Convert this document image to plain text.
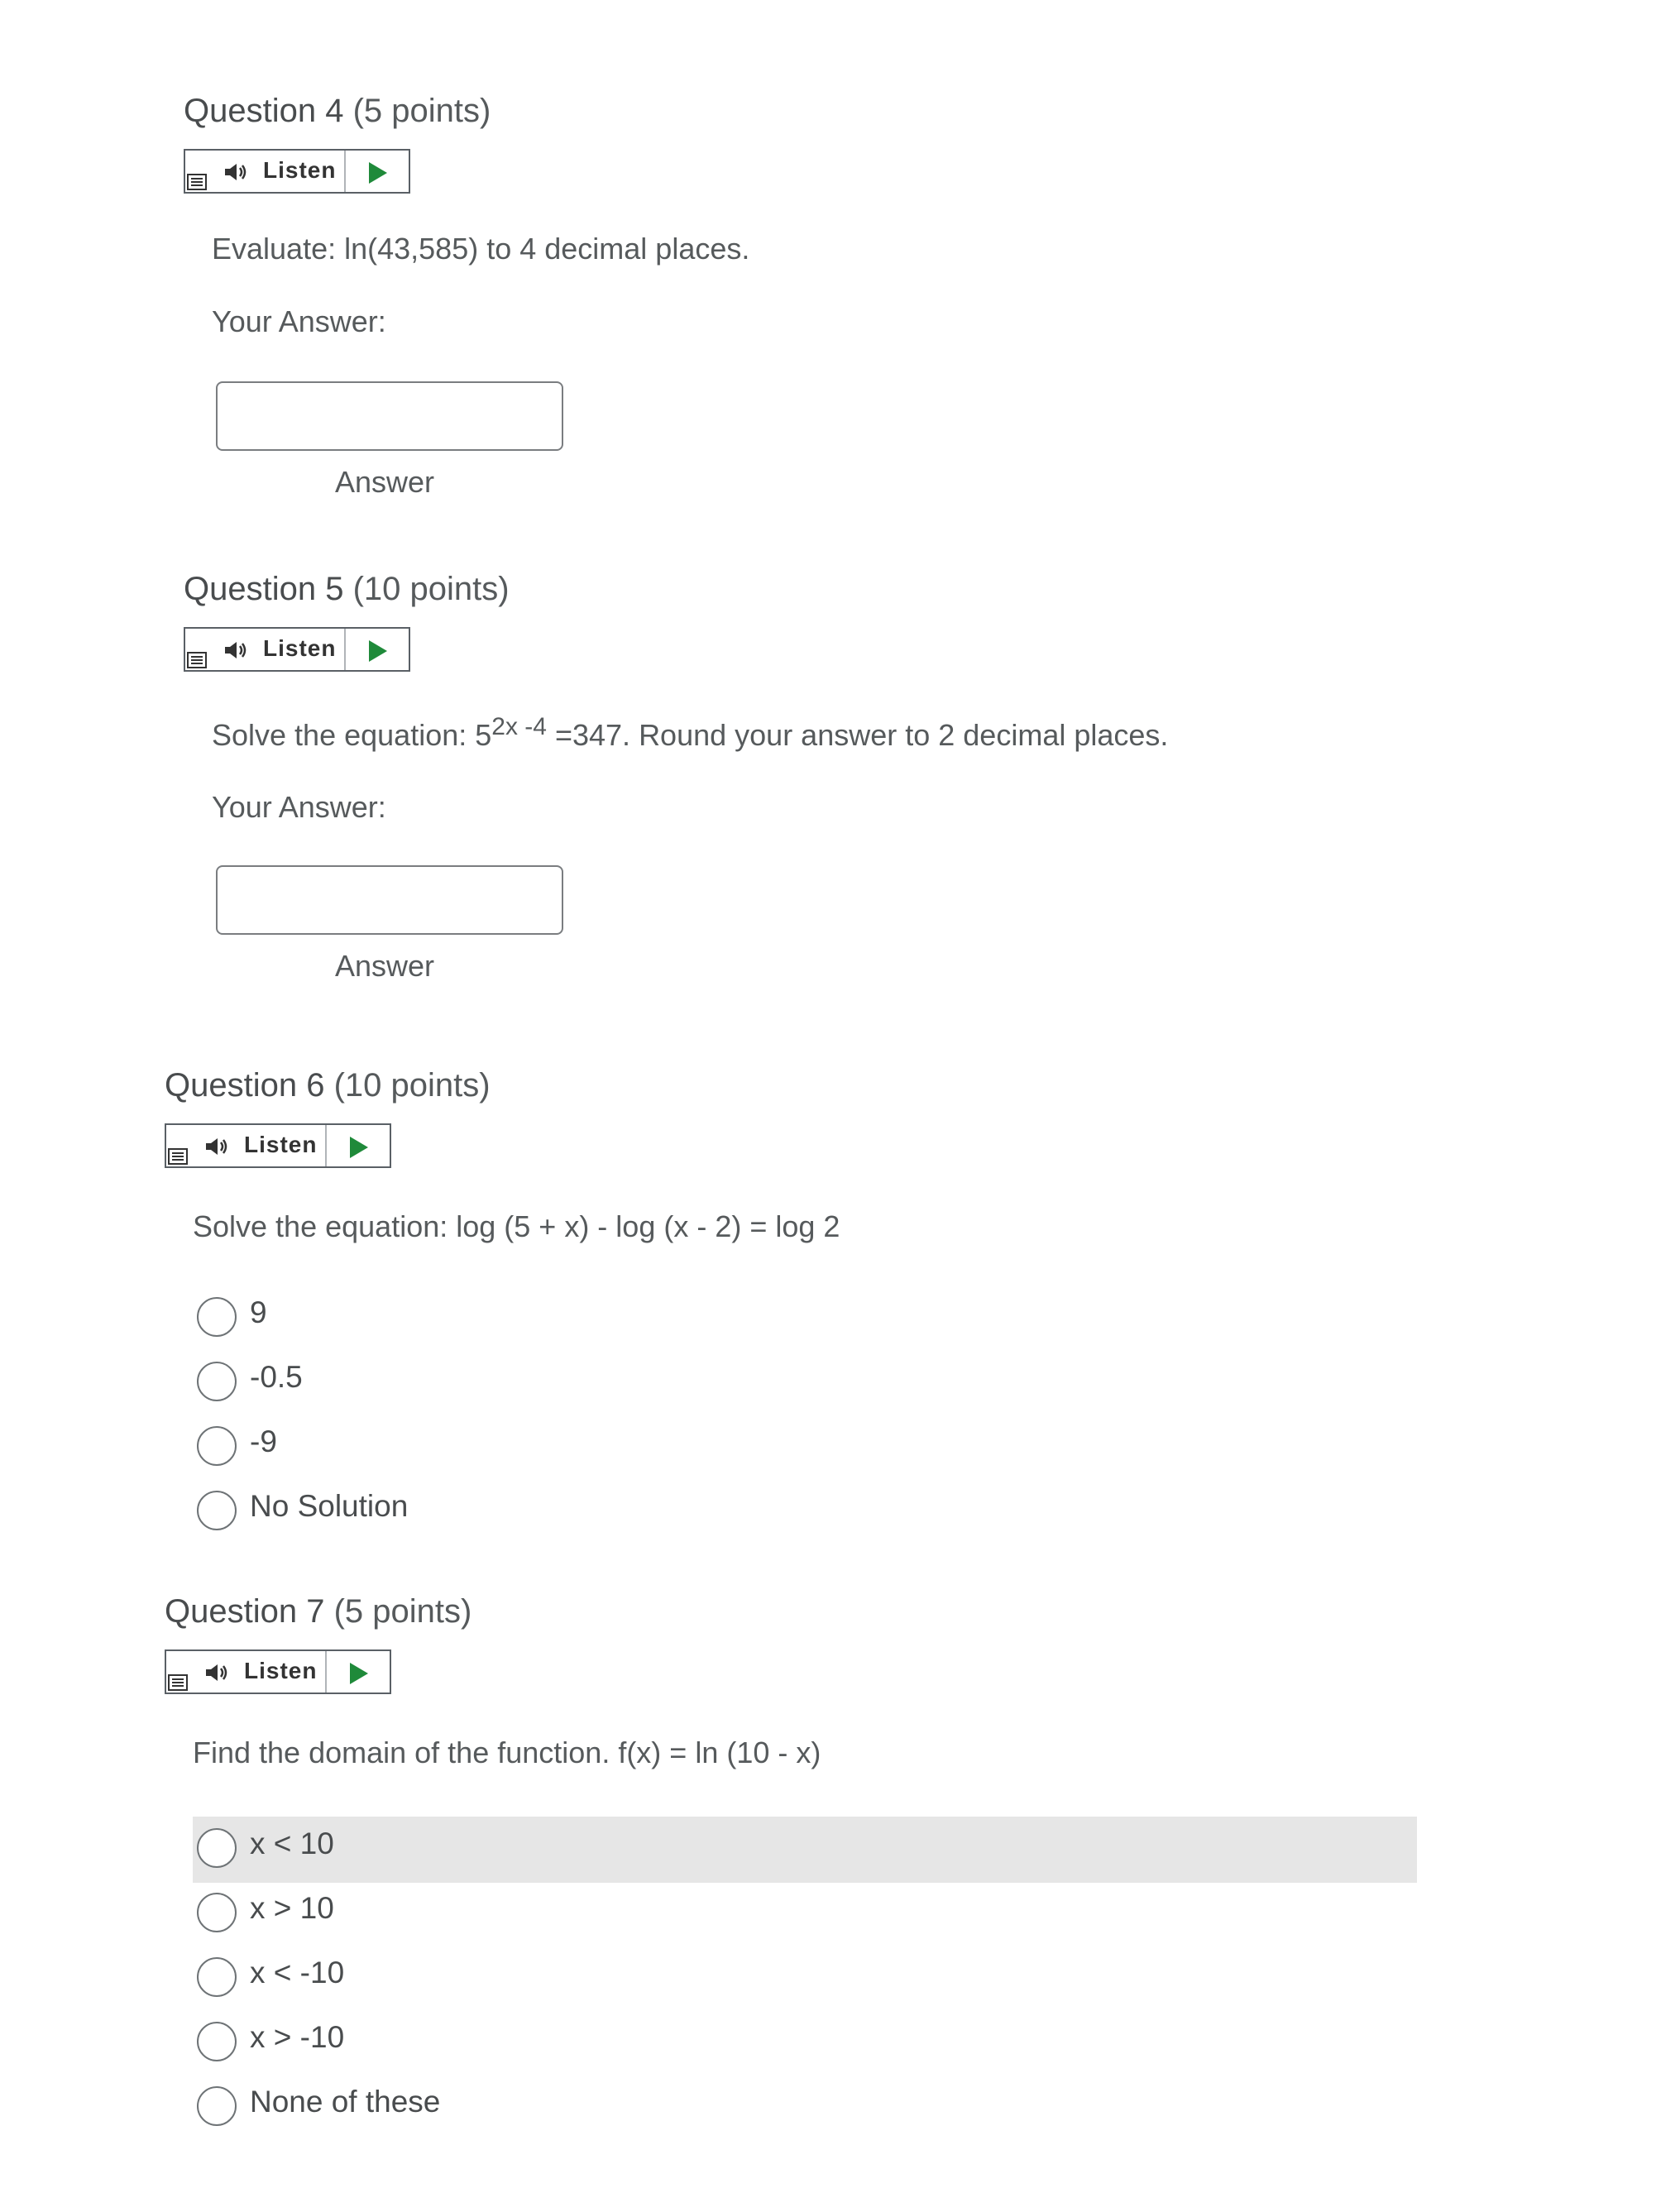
Question 4 (5 points)
Listen
Evaluate: ln(43,585) to 4 decimal places.
Your Answer:
Answer
Question 5 (10 points)
Listen
Solve the equation: $5^{2x -4} =347$. Round your answer to 2 decimal places.
Your Answer:
Answer
Question 6 (10 points)
Listen
Solve the equation: log (5 + x) - log (x - 2) = log 2
9
-0.5
-9
No Solution
Question 7 (5 points)
Listen
Find the domain of the function. f(x) = ln (10 - x)
x < 10
x > 10
x < -10
x > -10
None of these
